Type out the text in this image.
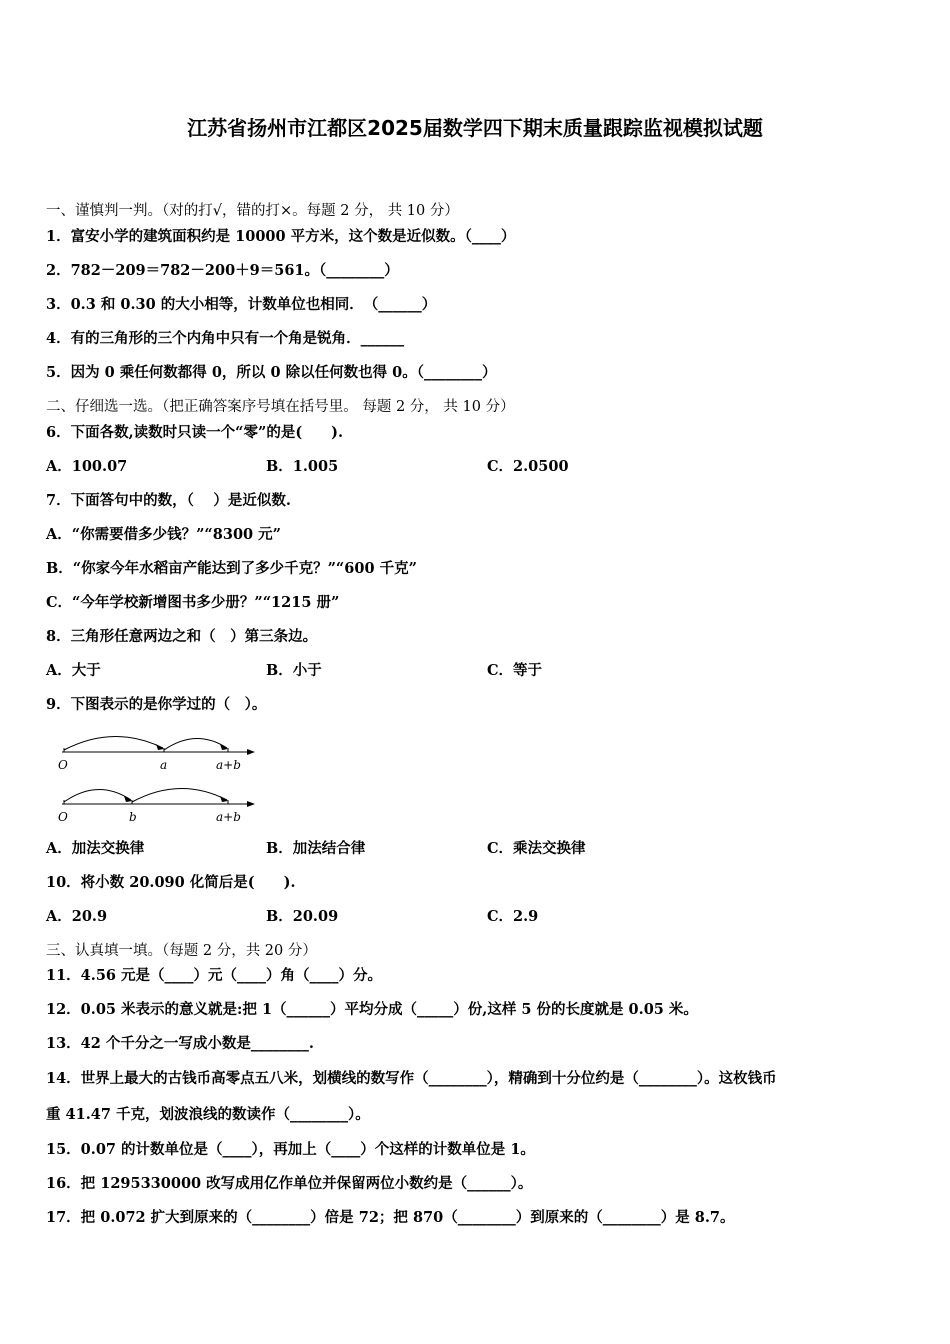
江苏省扬州市江都区2025届数学四下期末质量跟踪监视模拟试题
一、谨慎判一判。（对的打√，错的打×。每题 2 分， 共 10 分）
1．富安小学的建筑面积约是 10000 平方米，这个数是近似数。（____）
2．782－209＝782－200＋9＝561。（________）
3．0.3 和 0.30 的大小相等，计数单位也相同．　（______）
4．有的三角形的三个内角中只有一个角是锐角．______
5．因为 0 乘任何数都得 0，所以 0 除以任何数也得 0。（________）
二、仔细选一选。（把正确答案序号填在括号里。 每题 2 分， 共 10 分）
6．下面各数,读数时只读一个“零”的是(　　).
A．100.07	B．1.005	C．2.0500
7．下面答句中的数，（　 ）是近似数.
A．“你需要借多少钱？”“8300 元”
B．“你家今年水稻亩产能达到了多少千克？”“600 千克”
C．“今年学校新增图书多少册？”“1215 册”
8．三角形任意两边之和（　）第三条边。
A．大于	B．小于	C．等于
9．下图表示的是你学过的（　）。
O	a	a+b
O	b	a+b
A．加法交换律	B．加法结合律	C．乘法交换律
10．将小数 20.090 化简后是(　　).
A．20.9	B．20.09	C．2.9
三、认真填一填。（每题 2 分，共 20 分）
11．4.56 元是（____）元（____）角（____）分。
12．0.05 米表示的意义就是:把 1（______）平均分成（_____）份,这样 5 份的长度就是 0.05 米。
13．42 个千分之一写成小数是________.
14．世界上最大的古钱币高零点五八米，划横线的数写作（________），精确到十分位约是（________）。这枚钱币
重 41.47 千克，划波浪线的数读作（________）。
15．0.07 的计数单位是（____），再加上（____）个这样的计数单位是 1。
16．把 1295330000 改写成用亿作单位并保留两位小数约是（______）。
17．把 0.072 扩大到原来的（________）倍是 72；把 870（________）到原来的（________）是 8.7。
